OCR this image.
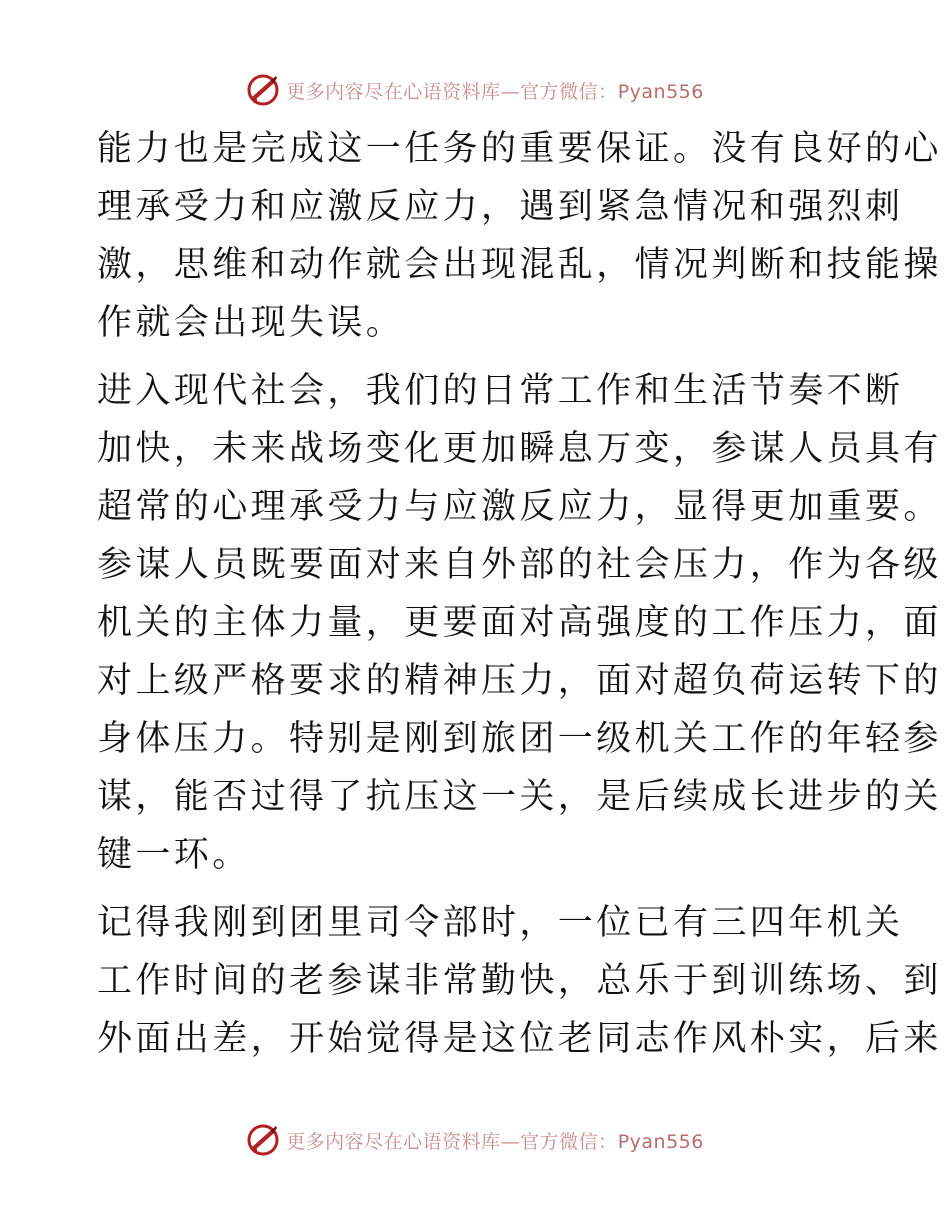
更多内容尽在心语资料库—官方微信：Pyan556
能力也是完成这一任务的重要保证。没有良好的心
理承受力和应激反应力，遇到紧急情况和强烈刺
激，思维和动作就会出现混乱，情况判断和技能操
作就会出现失误。
进入现代社会，我们的日常工作和生活节奏不断
加快，未来战场变化更加瞬息万变，参谋人员具有
超常的心理承受力与应激反应力，显得更加重要。
参谋人员既要面对来自外部的社会压力，作为各级
机关的主体力量，更要面对高强度的工作压力，面
对上级严格要求的精神压力，面对超负荷运转下的
身体压力。特别是刚到旅团一级机关工作的年轻参
谋，能否过得了抗压这一关，是后续成长进步的关
键一环。
记得我刚到团里司令部时，一位已有三四年机关
工作时间的老参谋非常勤快，总乐于到训练场、到
外面出差，开始觉得是这位老同志作风朴实，后来
更多内容尽在心语资料库—官方微信：Pyan556
